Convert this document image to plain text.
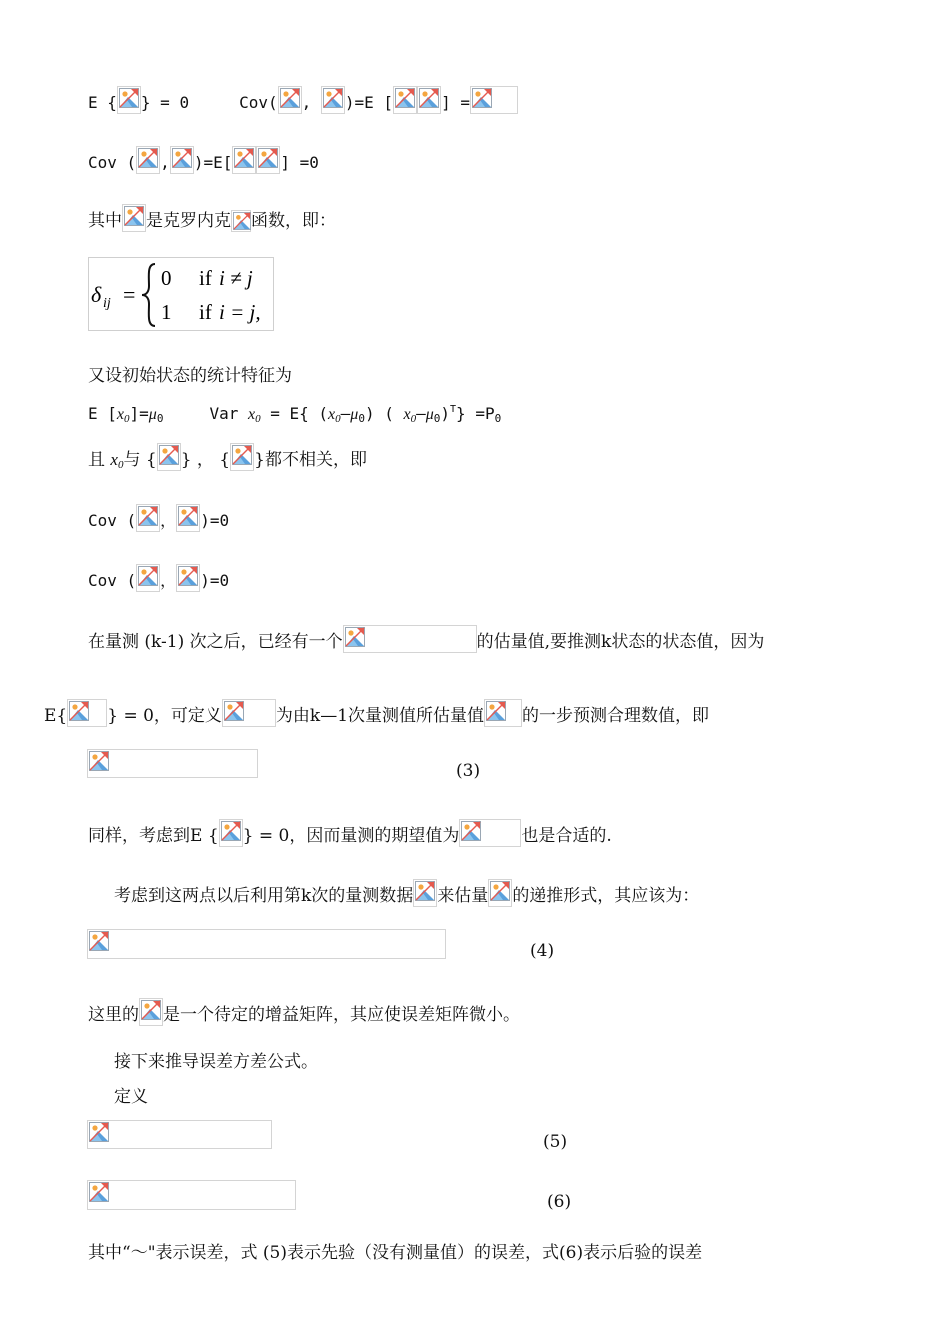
E { } = 0	Cov( , )=E [	] =
Cov ( , )=E[	] =0
其中 是克罗内克 函数，即：
δ ij =
0 if i ≠ j
1 if i = j,
又设初始状态的统计特征为
E $[x_0]=\mu_0$	Var $x_0 = E${ $(x_0-\mu_0)$ ( $x_0—\mu_0)^T\} =P_0$
且 $x_0$与 { } ， { }都不相关，即
Cov ( ， )=0
Cov ( ， )=0
在量测 (k-1) 次之后，已经有一个	的估量值,要推测k状态的状态值，因为
E{ } = 0，可定义	为由k—1次量测值所估量值 的一步预测合理数值，即
(3)
同样，考虑到E { } = 0，因而量测的期望值为	也是合适的.
考虑到这两点以后利用第k次的量测数据 来估量 的递推形式，其应该为：
(4)
这里的 是一个待定的增益矩阵，其应使误差矩阵微小。
接下来推导误差方差公式。
定义
(5)
(6)
其中“～"表示误差，式 (5)表示先验（没有测量值）的误差，式(6)表示后验的误差
